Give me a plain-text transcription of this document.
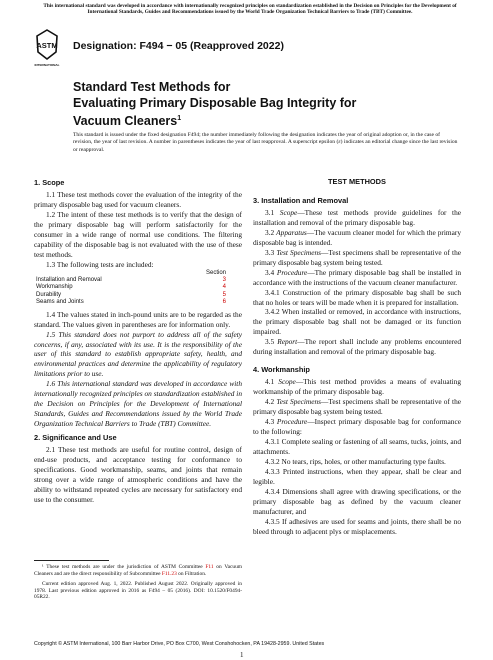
This international standard was developed in accordance with internationally recognized principles on standardization established in the Decision on Principles for the Development of International Standards, Guides and Recommendations issued by the World Trade Organization Technical Barriers to Trade (TBT) Committee.
ASTM
INTERNATIONAL
Designation: F494 − 05 (Reapproved 2022)
Standard Test Methods for
Evaluating Primary Disposable Bag Integrity for Vacuum Cleaners$^1$
This standard is issued under the fixed designation F494; the number immediately following the designation indicates the year of original adoption or, in the case of revision, the year of last revision. A number in parentheses indicates the year of last reapproval. A superscript epsilon (ε) indicates an editorial change since the last revision or reapproval.
1. Scope

1.1 These test methods cover the evaluation of the integrity of the primary disposable bag used for vacuum cleaners.

1.2 The intent of these test methods is to verify that the design of the primary disposable bag will perform satisfactorily for the consumer in a wide range of normal use conditions. The filtering capability of the disposable bag is not evaluated with the use of these test methods.

1.3 The following tests are included:

	Section
Installation and Removal	3
Workmanship	4
Durability	5
Seams and Joints	6

1.4 The values stated in inch-pound units are to be regarded as the standard. The values given in parentheses are for information only.

1.5 This standard does not purport to address all of the safety concerns, if any, associated with its use. It is the responsibility of the user of this standard to establish appropriate safety, health, and environmental practices and determine the applicability of regulatory limitations prior to use.

1.6 This international standard was developed in accordance with internationally recognized principles on standardization established in the Decision on Principles for the Development of International Standards, Guides and Recommendations issued by the World Trade Organization Technical Barriers to Trade (TBT) Committee.

2. Significance and Use

2.1 These test methods are useful for routine control, design of end-use products, and acceptance testing for conformance to specifications. Good workmanship, seams, and joints that remain strong over a wide range of atmospheric conditions and have the ability to withstand repeated cycles are necessary for satisfactory end use to the consumer.

¹ These test methods are under the jurisdiction of ASTM Committee F11 on Vacuum Cleaners and are the direct responsibility of Subcommittee F11.23 on Filtration.

Current edition approved Aug. 1, 2022. Published August 2022. Originally approved in 1978. Last previous edition approved in 2016 as F494 – 05 (2016). DOI: 10.1520/F0494-05R22.

TEST METHODS

3. Installation and Removal

3.1 Scope—These test methods provide guidelines for the installation and removal of the primary disposable bag.

3.2 Apparatus—The vacuum cleaner model for which the primary disposable bag is intended.

3.3 Test Specimens—Test specimens shall be representative of the primary disposable bag system being tested.

3.4 Procedure—The primary disposable bag shall be installed in accordance with the instructions of the vacuum cleaner manufacturer.

3.4.1 Construction of the primary disposable bag shall be such that no holes or tears will be made when it is prepared for installation.

3.4.2 When installed or removed, in accordance with instructions, the primary disposable bag shall not be damaged or its function impaired.

3.5 Report—The report shall include any problems encountered during installation and removal of the primary disposable bag.

4. Workmanship

4.1 Scope—This test method provides a means of evaluating workmanship of the primary disposable bag.

4.2 Test Specimens—Test specimens shall be representative of the primary disposable bag system being tested.

4.3 Procedure—Inspect primary disposable bag for conformance to the following:

4.3.1 Complete sealing or fastening of all seams, tucks, joints, and attachments.

4.3.2 No tears, rips, holes, or other manufacturing type faults.

4.3.3 Printed instructions, when they appear, shall be clear and legible.

4.3.4 Dimensions shall agree with drawing specifications, or the primary disposable bag as defined by the vacuum cleaner manufacturer, and

4.3.5 If adhesives are used for seams and joints, there shall be no bleed through to adjacent plys or misplacements.

Copyright © ASTM International, 100 Barr Harbor Drive, PO Box C700, West Conshohocken, PA 19428-2959. United States
1
